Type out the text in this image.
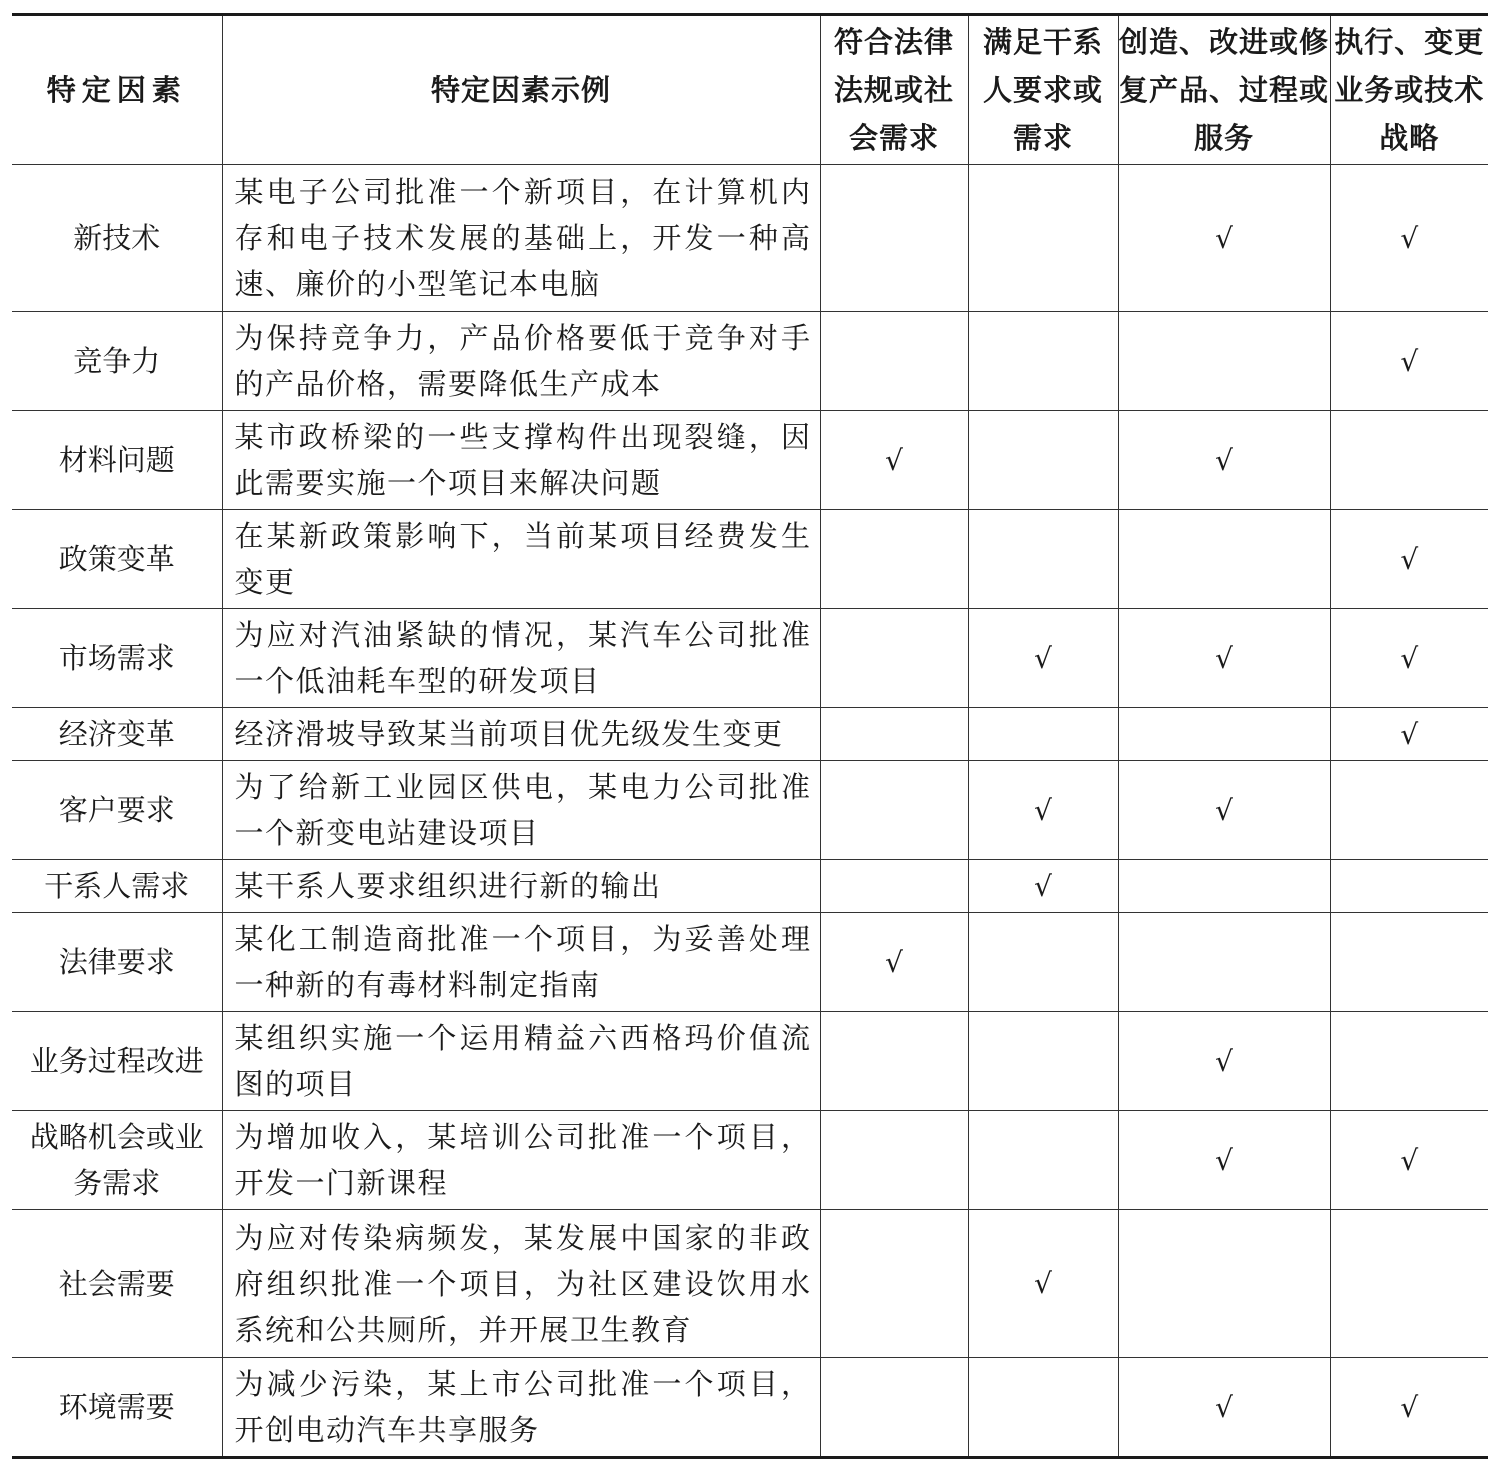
特定因素	特定因素示例	符合法律法规或社会需求	满足干系人要求或需求	创造、改进或修复产品、过程或服务	执行、变更业务或技术战略
新技术	某电子公司批准一个新项目，在计算机内存和电子技术发展的基础上，开发一种高速、廉价的小型笔记本电脑			√	√
竞争力	为保持竞争力，产品价格要低于竞争对手的产品价格，需要降低生产成本				√
材料问题	某市政桥梁的一些支撑构件出现裂缝，因此需要实施一个项目来解决问题	√		√	
政策变革	在某新政策影响下，当前某项目经费发生变更				√
市场需求	为应对汽油紧缺的情况，某汽车公司批准一个低油耗车型的研发项目		√	√	√
经济变革	经济滑坡导致某当前项目优先级发生变更				√
客户要求	为了给新工业园区供电，某电力公司批准一个新变电站建设项目		√	√	
干系人需求	某干系人要求组织进行新的输出		√		
法律要求	某化工制造商批准一个项目，为妥善处理一种新的有毒材料制定指南	√			
业务过程改进	某组织实施一个运用精益六西格玛价值流图的项目			√	
战略机会或业务需求	为增加收入，某培训公司批准一个项目，开发一门新课程			√	√
社会需要	为应对传染病频发，某发展中国家的非政府组织批准一个项目，为社区建设饮用水系统和公共厕所，并开展卫生教育		√		
环境需要	为减少污染，某上市公司批准一个项目，开创电动汽车共享服务			√	√
